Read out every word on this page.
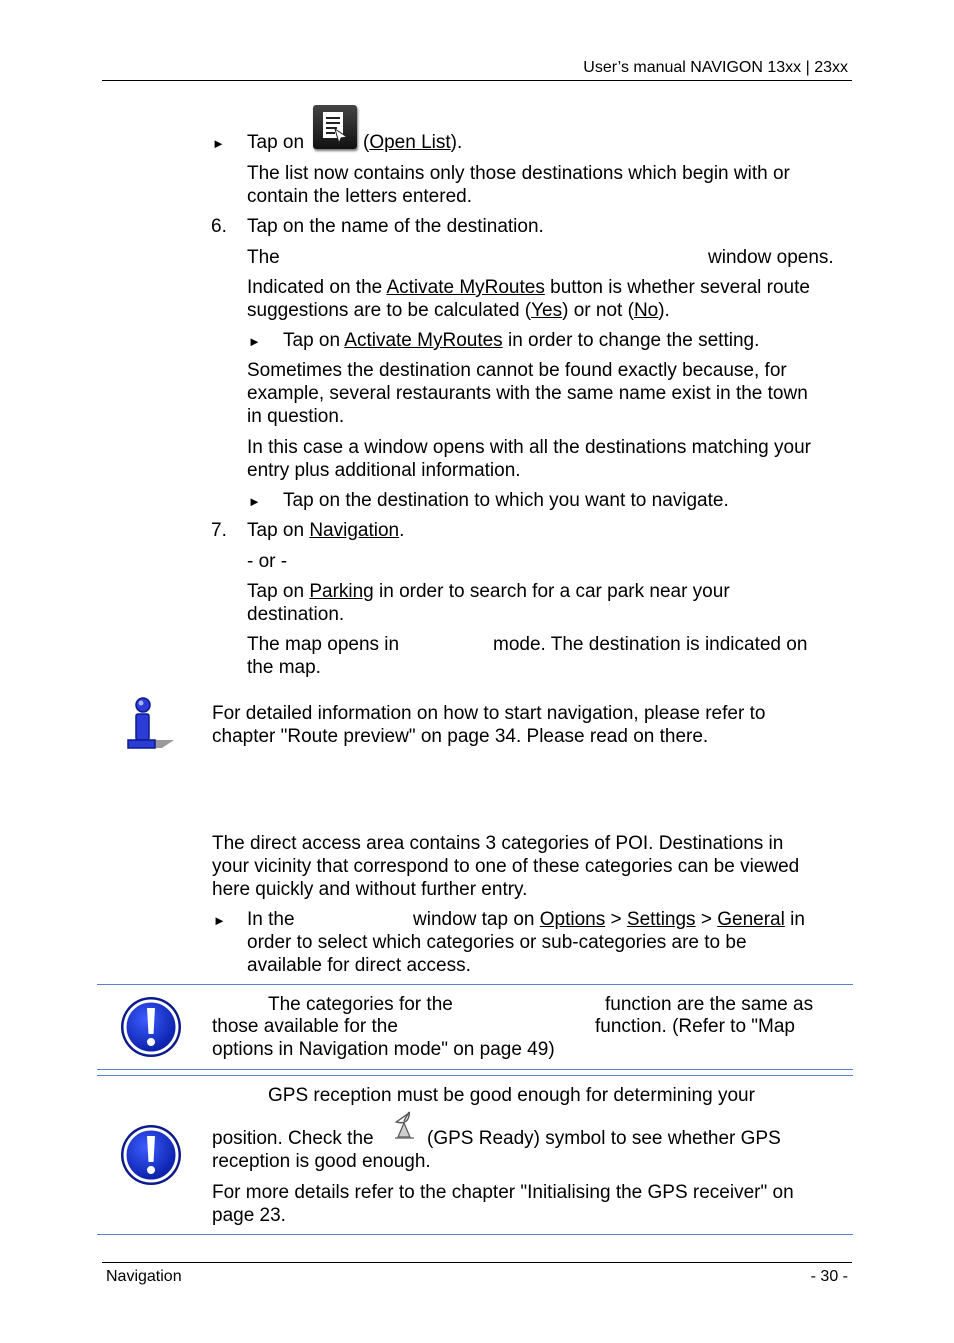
User’s manual NAVIGON 13xx | 23xx
► Tap on	(Open List).
The list now contains only those destinations which begin with or
contain the letters entered.
6. Tap on the name of the destination.
The	window opens.
Indicated on the Activate MyRoutes button is whether several route
suggestions are to be calculated (Yes) or not (No).
► Tap on Activate MyRoutes in order to change the setting.
Sometimes the destination cannot be found exactly because, for
example, several restaurants with the same name exist in the town
in question.
In this case a window opens with all the destinations matching your
entry plus additional information.
► Tap on the destination to which you want to navigate.
7. Tap on Navigation.
- or -
Tap on Parking in order to search for a car park near your
destination.
The map opens in	mode. The destination is indicated on
the map.
For detailed information on how to start navigation, please refer to
chapter "Route preview" on page 34. Please read on there.
The direct access area contains 3 categories of POI. Destinations in
your vicinity that correspond to one of these categories can be viewed
here quickly and without further entry.
► In the	window tap on Options > Settings > General in
order to select which categories or sub-categories are to be
available for direct access.
The categories for the	function are the same as
those available for the	function. (Refer to "Map
options in Navigation mode" on page 49)
GPS reception must be good enough for determining your
position. Check the	(GPS Ready) symbol to see whether GPS
reception is good enough.
For more details refer to the chapter "Initialising the GPS receiver" on
page 23.
Navigation	- 30 -
